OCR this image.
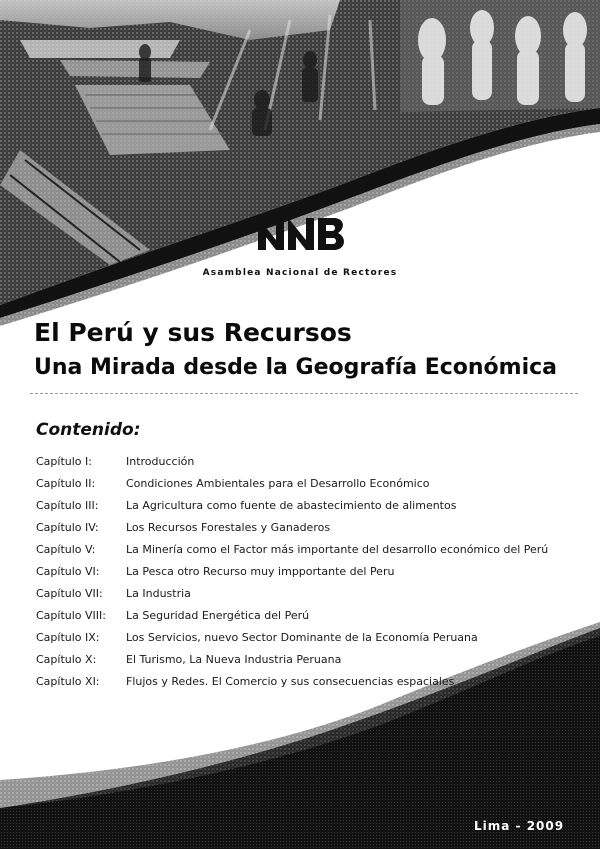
Asamblea Nacional de Rectores
El Perú y sus Recursos
Una Mirada desde la Geografía Económica
Contenido:
Capítulo I:	Introducción
Capítulo II:	Condiciones Ambientales para el Desarrollo Económico
Capítulo III:	La Agricultura como fuente de abastecimiento de alimentos
Capítulo IV:	Los Recursos Forestales y Ganaderos
Capítulo V:	La Minería como el Factor más importante del desarrollo económico del Perú
Capítulo VI:	La Pesca otro Recurso muy impportante del Peru
Capítulo VII:	La Industria
Capítulo VIII:	La Seguridad Energética del Perú
Capítulo IX:	Los Servicios, nuevo Sector Dominante de la Economía Peruana
Capítulo X:	El Turismo, La Nueva Industria Peruana
Capítulo XI:	Flujos y Redes. El Comercio y sus consecuencias espaciales
Lima - 2009
